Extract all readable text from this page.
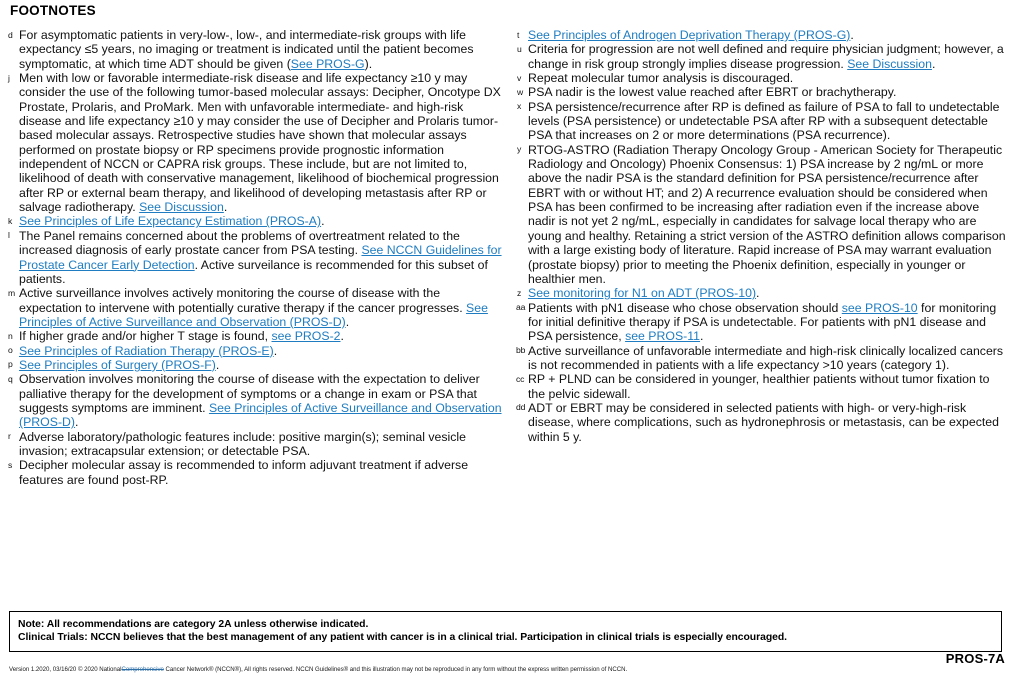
FOOTNOTES
d For asymptomatic patients in very-low-, low-, and intermediate-risk groups with life expectancy ≤5 years, no imaging or treatment is indicated until the patient becomes symptomatic, at which time ADT should be given (See PROS-G).
j Men with low or favorable intermediate-risk disease and life expectancy ≥10 y may consider the use of the following tumor-based molecular assays: Decipher, Oncotype DX Prostate, Prolaris, and ProMark. Men with unfavorable intermediate- and high-risk disease and life expectancy ≥10 y may consider the use of Decipher and Prolaris tumor-based molecular assays. Retrospective studies have shown that molecular assays performed on prostate biopsy or RP specimens provide prognostic information independent of NCCN or CAPRA risk groups. These include, but are not limited to, likelihood of death with conservative management, likelihood of biochemical progression after RP or external beam therapy, and likelihood of developing metastasis after RP or salvage radiotherapy. See Discussion.
k See Principles of Life Expectancy Estimation (PROS-A).
l The Panel remains concerned about the problems of overtreatment related to the increased diagnosis of early prostate cancer from PSA testing. See NCCN Guidelines for Prostate Cancer Early Detection. Active surveilance is recommended for this subset of patients.
m Active surveillance involves actively monitoring the course of disease with the expectation to intervene with potentially curative therapy if the cancer progresses. See Principles of Active Surveillance and Observation (PROS-D).
n If higher grade and/or higher T stage is found, see PROS-2.
o See Principles of Radiation Therapy (PROS-E).
p See Principles of Surgery (PROS-F).
q Observation involves monitoring the course of disease with the expectation to deliver palliative therapy for the development of symptoms or a change in exam or PSA that suggests symptoms are imminent. See Principles of Active Surveillance and Observation (PROS-D).
r Adverse laboratory/pathologic features include: positive margin(s); seminal vesicle invasion; extracapsular extension; or detectable PSA.
s Decipher molecular assay is recommended to inform adjuvant treatment if adverse features are found post-RP.
t See Principles of Androgen Deprivation Therapy (PROS-G).
u Criteria for progression are not well defined and require physician judgment; however, a change in risk group strongly implies disease progression. See Discussion.
v Repeat molecular tumor analysis is discouraged.
w PSA nadir is the lowest value reached after EBRT or brachytherapy.
x PSA persistence/recurrence after RP is defined as failure of PSA to fall to undetectable levels (PSA persistence) or undetectable PSA after RP with a subsequent detectable PSA that increases on 2 or more determinations (PSA recurrence).
y RTOG-ASTRO (Radiation Therapy Oncology Group - American Society for Therapeutic Radiology and Oncology) Phoenix Consensus: 1) PSA increase by 2 ng/mL or more above the nadir PSA is the standard definition for PSA persistence/recurrence after EBRT with or without HT; and 2) A recurrence evaluation should be considered when PSA has been confirmed to be increasing after radiation even if the increase above nadir is not yet 2 ng/mL, especially in candidates for salvage local therapy who are young and healthy. Retaining a strict version of the ASTRO definition allows comparison with a large existing body of literature. Rapid increase of PSA may warrant evaluation (prostate biopsy) prior to meeting the Phoenix definition, especially in younger or healthier men.
z See monitoring for N1 on ADT (PROS-10).
aa Patients with pN1 disease who chose observation should see PROS-10 for monitoring for initial definitive therapy if PSA is undetectable. For patients with pN1 disease and PSA persistence, see PROS-11.
bb Active surveillance of unfavorable intermediate and high-risk clinically localized cancers is not recommended in patients with a life expectancy >10 years (category 1).
cc RP + PLND can be considered in younger, healthier patients without tumor fixation to the pelvic sidewall.
dd ADT or EBRT may be considered in selected patients with high- or very-high-risk disease, where complications, such as hydronephrosis or metastasis, can be expected within 5 y.
Note: All recommendations are category 2A unless otherwise indicated.
Clinical Trials: NCCN believes that the best management of any patient with cancer is in a clinical trial. Participation in clinical trials is especially encouraged.
PROS-7A
Version 1.2020, 03/16/20 © 2020 NationalComprehensive Cancer Network® (NCCN®), All rights reserved. NCCN Guidelines® and this illustration may not be reproduced in any form without the express written permission of NCCN.
